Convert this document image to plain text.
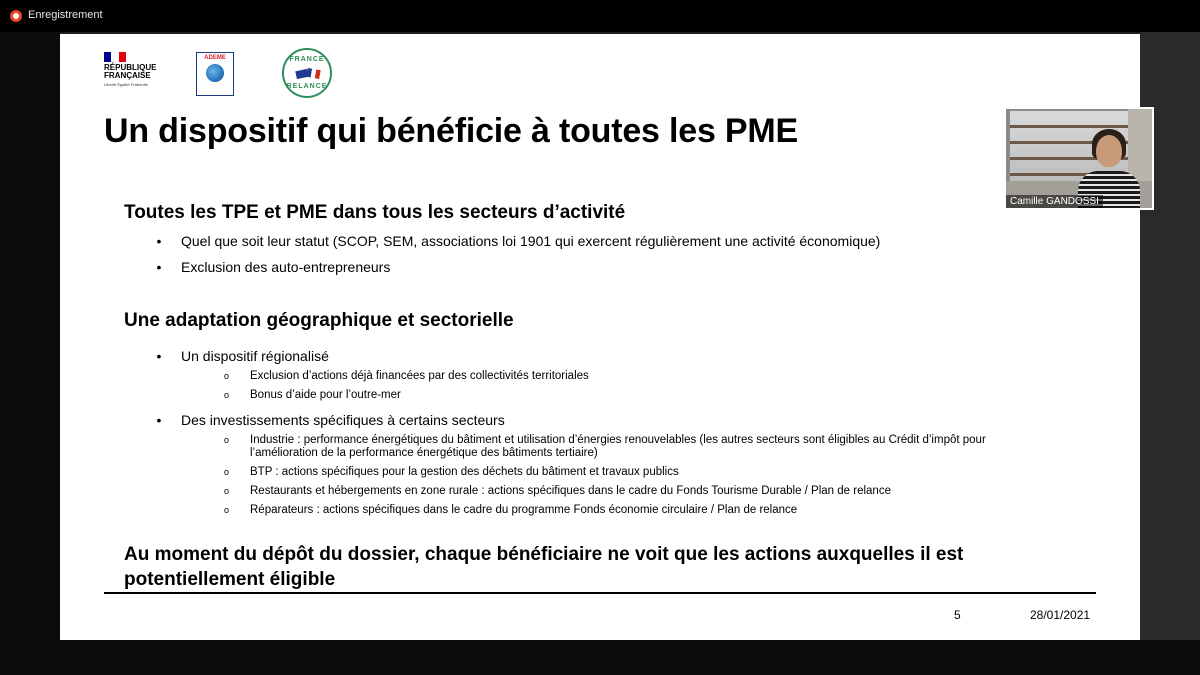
Enregistrement
RÉPUBLIQUE
FRANÇAISE
Liberté Égalité Fraternité
ADEME	FRANCE
RELANCE
Un dispositif qui bénéficie à toutes les PME
Toutes les TPE et PME dans tous les secteurs d’activité
• Quel que soit leur statut (SCOP, SEM, associations loi 1901 qui exercent régulièrement une activité économique)
• Exclusion des auto-entrepreneurs
Une adaptation géographique et sectorielle
• Un dispositif régionalisé
o Exclusion d’actions déjà financées par des collectivités territoriales
o Bonus d’aide pour l’outre-mer
• Des investissements spécifiques à certains secteurs
o Industrie : performance énergétiques du bâtiment et utilisation d’énergies renouvelables (les autres secteurs sont éligibles au Crédit d’impôt pour l’amélioration de la performance énergétique des bâtiments tertiaire)
o BTP : actions spécifiques pour la gestion des déchets du bâtiment et travaux publics
o Restaurants et hébergements en zone rurale : actions spécifiques dans le cadre du Fonds Tourisme Durable / Plan de relance
o Réparateurs : actions spécifiques dans le cadre du programme Fonds économie circulaire / Plan de relance
Au moment du dépôt du dossier, chaque bénéficiaire ne voit que les actions auxquelles il est potentiellement éligible
5	28/01/2021
Camille GANDOSSI
